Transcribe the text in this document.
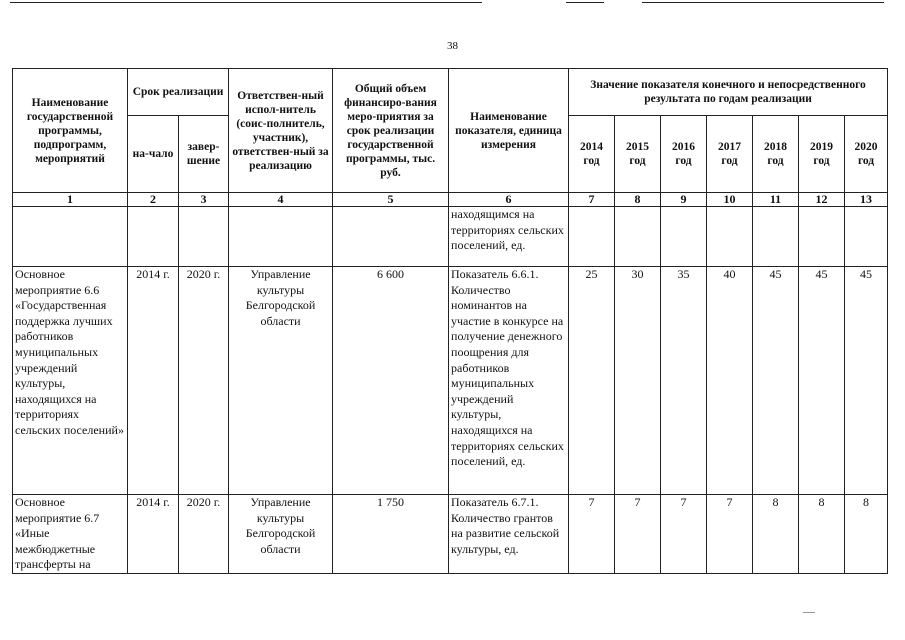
38
Наименование государственной программы, подпрограмм, мероприятий	Срок реализации		Ответствен-ный испол-нитель (соис-полнитель, участник), ответствен-ный за реализацию	Общий объем финансиро-вания меро-приятия за срок реализации государственной программы, тыс. руб.	Наименование показателя, единица измерения	Значение показателя конечного и непосредственного результата по годам реализации						
	на-чало	завер-шение				2014 год	2015 год	2016 год	2017 год	2018 год	2019 год	2020 год
1	2	3	4	5	6	7	8	9	10	11	12	13
					находящимся на территориях сельских поселений, ед.							
Основное мероприятие 6.6 «Государственная поддержка лучших работников муниципальных учреждений культуры, находящихся на территориях сельских поселений»	2014 г.	2020 г.	Управление культуры Белгородской области	6 600	Показатель 6.6.1. Количество номинантов на участие в конкурсе на получение денежного поощрения для работников муниципальных учреждений культуры, находящихся на территориях сельских поселений, ед.	25	30	35	40	45	45	45
Основное мероприятие 6.7 «Иные межбюджетные трансферты на	2014 г.	2020 г.	Управление культуры Белгородской области	1 750	Показатель 6.7.1. Количество грантов на развитие сельской культуры, ед.	7	7	7	7	8	8	8
